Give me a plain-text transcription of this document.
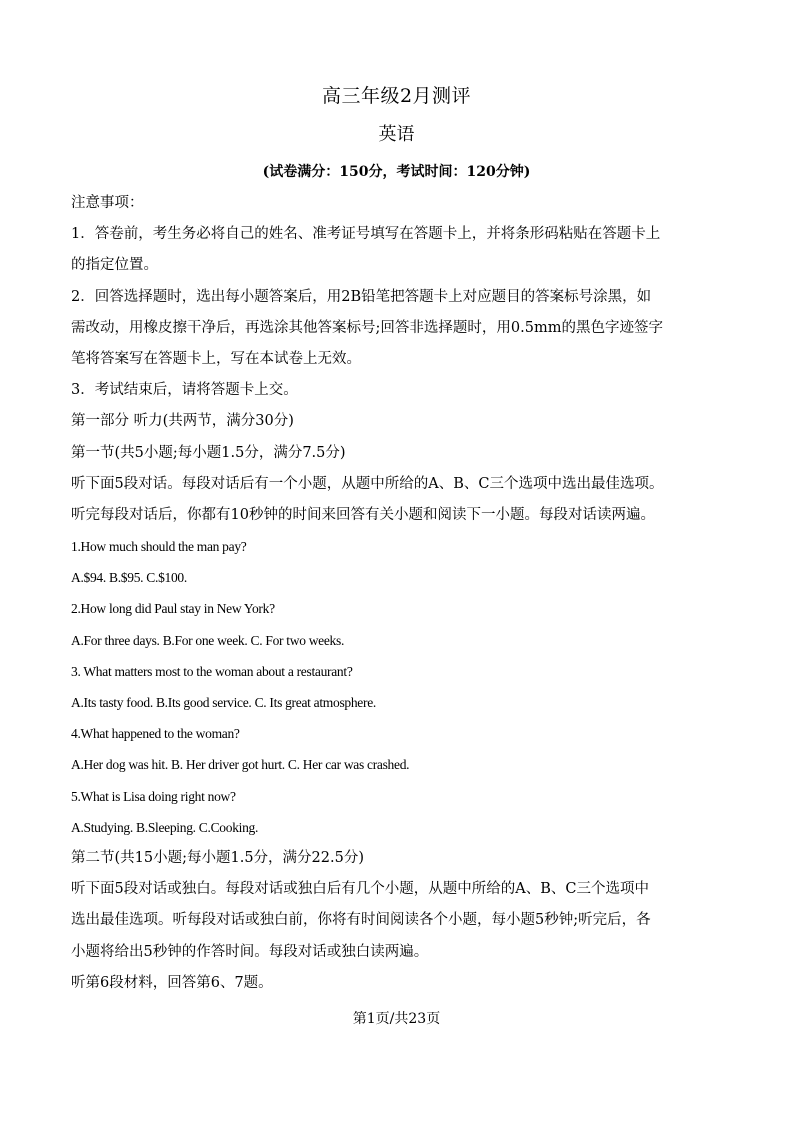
高三年级2月测评
英语
(试卷满分：150分，考试时间：120分钟)
注意事项：
1．答卷前，考生务必将自己的姓名、准考证号填写在答题卡上，并将条形码粘贴在答题卡上
的指定位置。
2．回答选择题时，选出每小题答案后，用2B铅笔把答题卡上对应题目的答案标号涂黑，如
需改动，用橡皮擦干净后，再选涂其他答案标号;回答非选择题时，用0.5mm的黑色字迹签字
笔将答案写在答题卡上，写在本试卷上无效。
3．考试结束后，请将答题卡上交。
第一部分 听力(共两节，满分30分)
第一节(共5小题;每小题1.5分，满分7.5分)
听下面5段对话。每段对话后有一个小题，从题中所给的A、B、C三个选项中选出最佳选项。
听完每段对话后，你都有10秒钟的时间来回答有关小题和阅读下一小题。每段对话读两遍。
1.How much should the man pay?
A.$94. B.$95. C.$100.
2.How long did Paul stay in New York?
A.For three days. B.For one week. C. For two weeks.
3. What matters most to the woman about a restaurant?
A.Its tasty food. B.Its good service. C. Its great atmosphere.
4.What happened to the woman?
A.Her dog was hit. B. Her driver got hurt. C. Her car was crashed.
5.What is Lisa doing right now?
A.Studying. B.Sleeping. C.Cooking.
第二节(共15小题;每小题1.5分，满分22.5分)
听下面5段对话或独白。每段对话或独白后有几个小题，从题中所给的A、B、C三个选项中
选出最佳选项。听每段对话或独白前，你将有时间阅读各个小题，每小题5秒钟;听完后，各
小题将给出5秒钟的作答时间。每段对话或独白读两遍。
听第6段材料，回答第6、7题。
第1页/共23页
